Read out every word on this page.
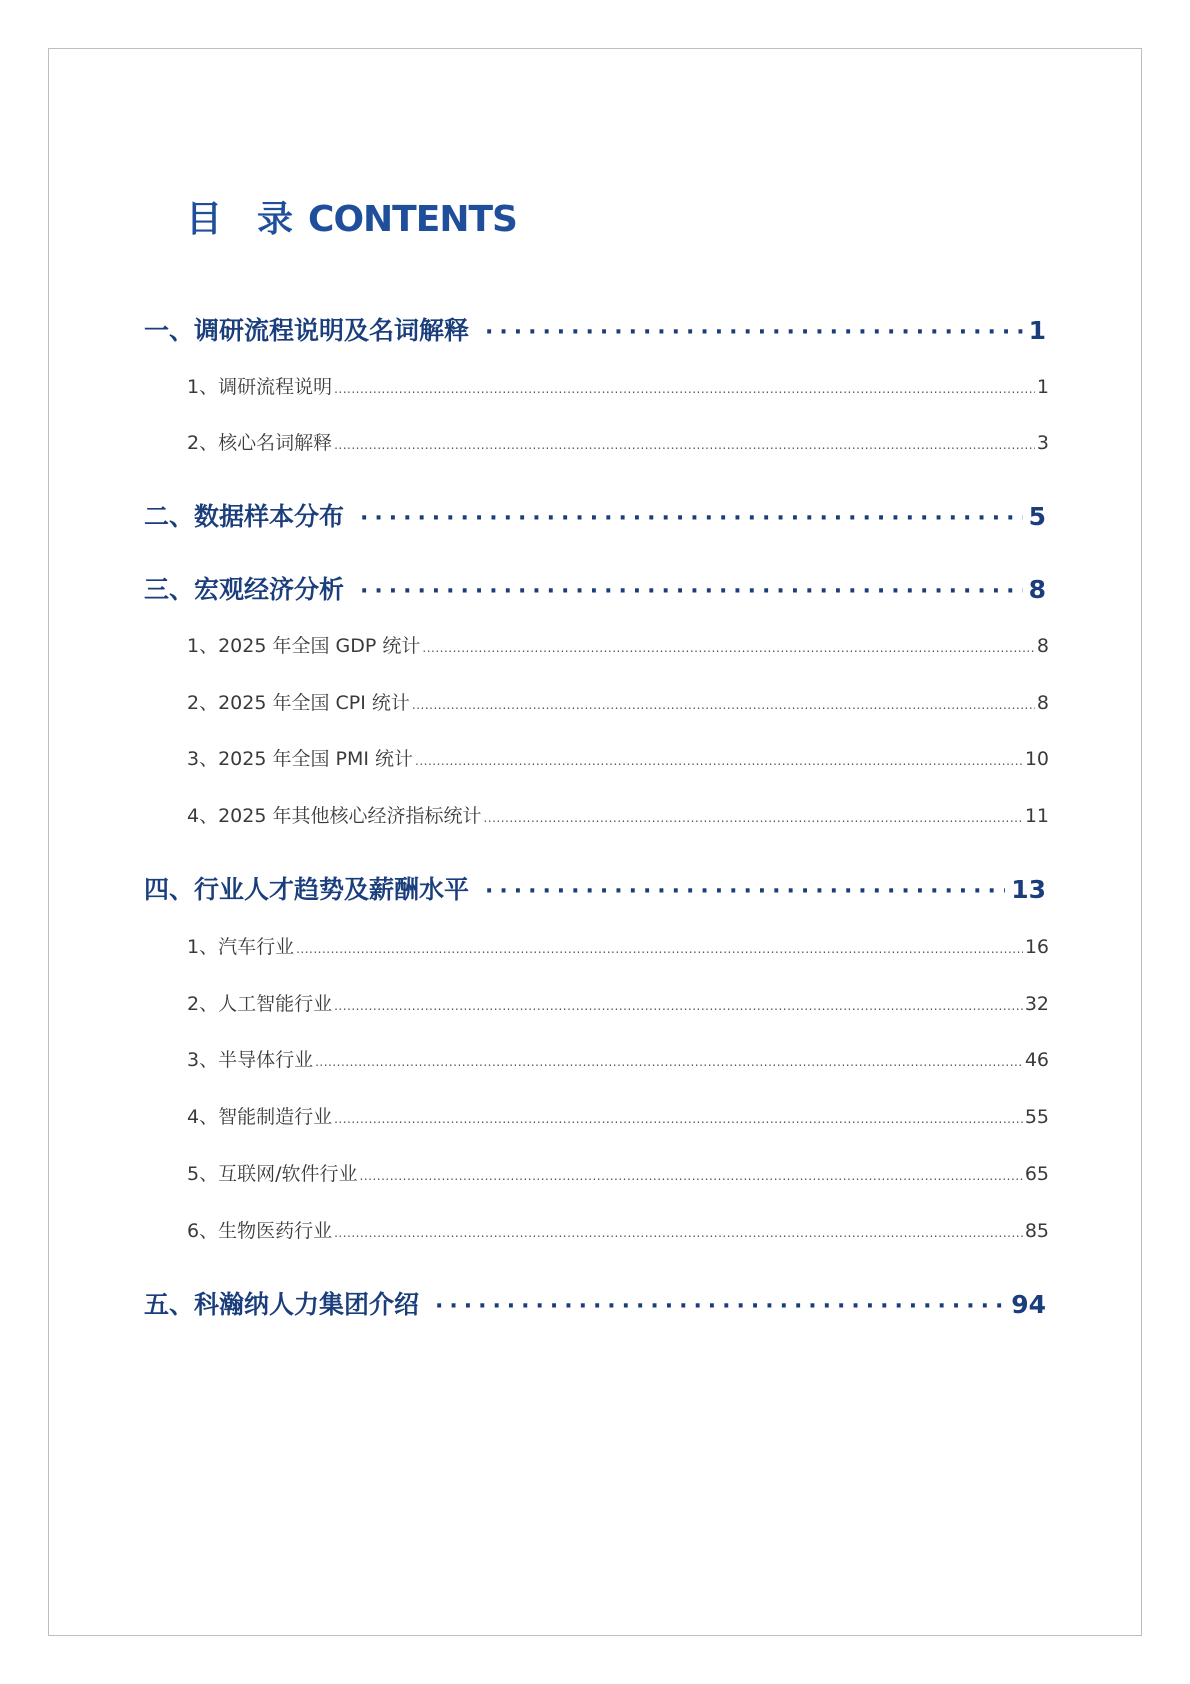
目 录 CONTENTS
一、调研流程说明及名词解释 ·····	1
1、调研流程说明 .....	1
2、核心名词解释 .....	3
二、数据样本分布 ·····	5
三、宏观经济分析 ·····	8
1、2025 年全国 GDP 统计 .....	8
2、2025 年全国 CPI 统计 .....	8
3、2025 年全国 PMI 统计 .....	10
4、2025 年其他核心经济指标统计 .....	11
四、行业人才趋势及薪酬水平 ·····	13
1、汽车行业 .....	16
2、人工智能行业 .....	32
3、半导体行业 .....	46
4、智能制造行业 .....	55
5、互联网/软件行业 .....	65
6、生物医药行业 .....	85
五、科瀚纳人力集团介绍 ·····	94
